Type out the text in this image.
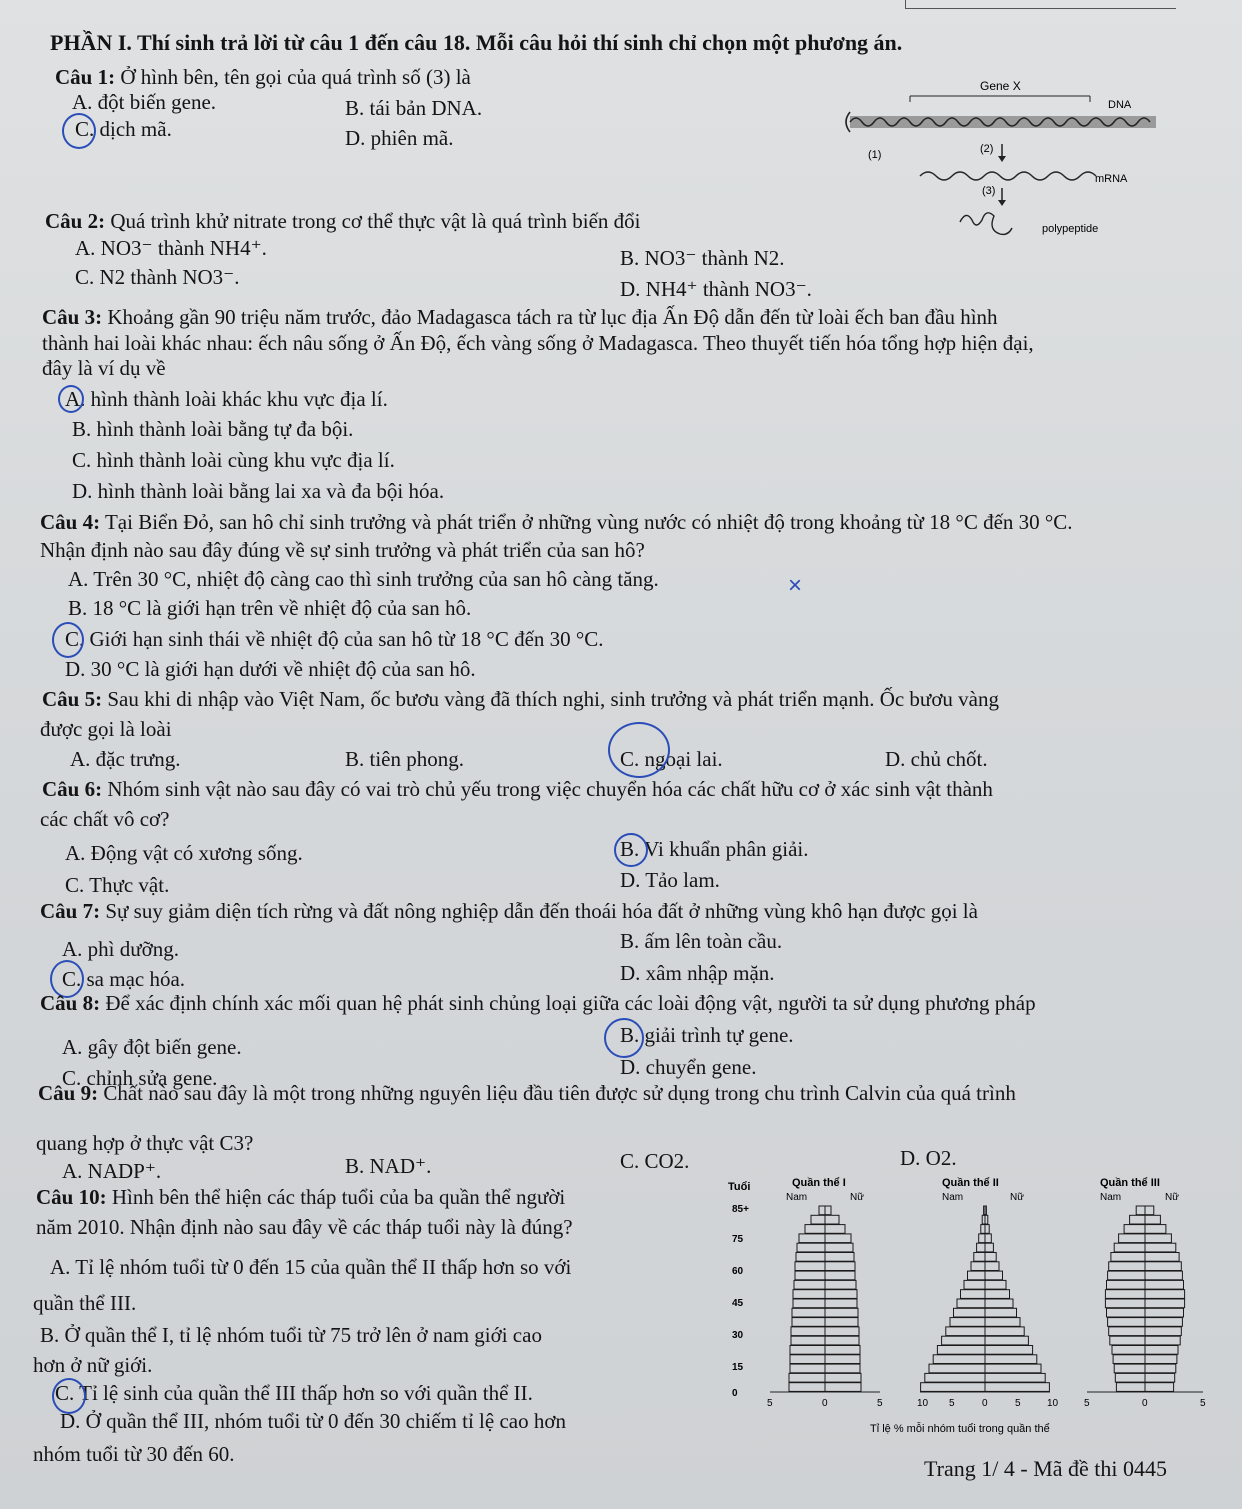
PHẦN I. Thí sinh trả lời từ câu 1 đến câu 18. Mỗi câu hỏi thí sinh chỉ chọn một phương án.
Câu 1: Ở hình bên, tên gọi của quá trình số (3) là
A. đột biến gene.	B. tái bản DNA.
C. dịch mã.	D. phiên mã.
Gene X
DNA
(1)	(2)
mRNA
(3)
polypeptide
Câu 2: Quá trình khử nitrate trong cơ thể thực vật là quá trình biến đổi
A. NO3⁻ thành NH4⁺.	B. NO3⁻ thành N2.
C. N2 thành NO3⁻.	D. NH4⁺ thành NO3⁻.
Câu 3: Khoảng gần 90 triệu năm trước, đảo Madagasca tách ra từ lục địa Ấn Độ dẫn đến từ loài ếch ban đầu hình
thành hai loài khác nhau: ếch nâu sống ở Ấn Độ, ếch vàng sống ở Madagasca. Theo thuyết tiến hóa tổng hợp hiện đại,
đây là ví dụ về
A. hình thành loài khác khu vực địa lí.
B. hình thành loài bằng tự đa bội.
C. hình thành loài cùng khu vực địa lí.
D. hình thành loài bằng lai xa và đa bội hóa.
Câu 4: Tại Biển Đỏ, san hô chỉ sinh trưởng và phát triển ở những vùng nước có nhiệt độ trong khoảng từ 18 °C đến 30 °C.
Nhận định nào sau đây đúng về sự sinh trưởng và phát triển của san hô?
A. Trên 30 °C, nhiệt độ càng cao thì sinh trưởng của san hô càng tăng.
B. 18 °C là giới hạn trên về nhiệt độ của san hô.
C. Giới hạn sinh thái về nhiệt độ của san hô từ 18 °C đến 30 °C.
D. 30 °C là giới hạn dưới về nhiệt độ của san hô.
×
Câu 5: Sau khi di nhập vào Việt Nam, ốc bươu vàng đã thích nghi, sinh trưởng và phát triển mạnh. Ốc bươu vàng
được gọi là loài
A. đặc trưng.	B. tiên phong.	C. ngoại lai.	D. chủ chốt.
Câu 6: Nhóm sinh vật nào sau đây có vai trò chủ yếu trong việc chuyển hóa các chất hữu cơ ở xác sinh vật thành
các chất vô cơ?
A. Động vật có xương sống.	B. Vi khuẩn phân giải.
C. Thực vật.	D. Tảo lam.
Câu 7: Sự suy giảm diện tích rừng và đất nông nghiệp dẫn đến thoái hóa đất ở những vùng khô hạn được gọi là
A. phì dưỡng.	B. ấm lên toàn cầu.
C. sa mạc hóa.	D. xâm nhập mặn.
Câu 8: Để xác định chính xác mối quan hệ phát sinh chủng loại giữa các loài động vật, người ta sử dụng phương pháp
A. gây đột biến gene.	B. giải trình tự gene.
C. chỉnh sửa gene.	D. chuyển gene.
Câu 9: Chất nào sau đây là một trong những nguyên liệu đầu tiên được sử dụng trong chu trình Calvin của quá trình
quang hợp ở thực vật C3?
A. NADP⁺.	B. NAD⁺.	C. CO2.	D. O2.
Câu 10: Hình bên thể hiện các tháp tuổi của ba quần thể người
năm 2010. Nhận định nào sau đây về các tháp tuổi này là đúng?
A. Tỉ lệ nhóm tuổi từ 0 đến 15 của quần thể II thấp hơn so với
quần thể III.
B. Ở quần thể I, tỉ lệ nhóm tuổi từ 75 trở lên ở nam giới cao
hơn ở nữ giới.
C. Tỉ lệ sinh của quần thể III thấp hơn so với quần thể II.
D. Ở quần thể III, nhóm tuổi từ 0 đến 30 chiếm tỉ lệ cao hơn
nhóm tuổi từ 30 đến 60.
Tuổi	Quần thể I	Quần thể II	Quần thể III
Nam	Nữ	Nam	Nữ	Nam	Nữ
85+
75
60
45
30
15
0
5	0	5	10 5	0	5	10	5	0	5
Tỉ lệ % mỗi nhóm tuổi trong quần thể
Trang 1/ 4 - Mã đề thi 0445
